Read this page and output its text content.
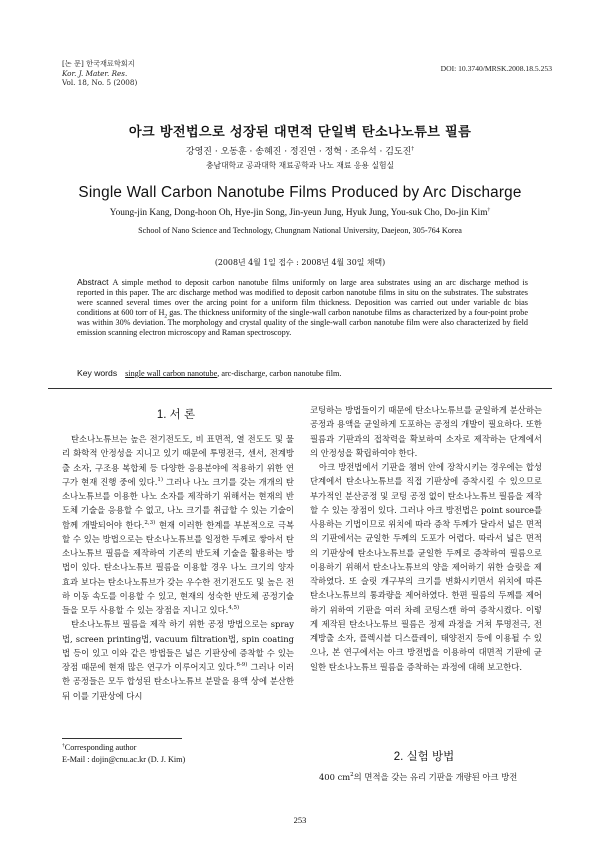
[논 문] 한국재료학회지
Kor. J. Mater. Res.
Vol. 18, No. 5 (2008)
DOI: 10.3740/MRSK.2008.18.5.253
아크 방전법으로 성장된 대면적 단일벽 탄소나노튜브 필름
강영진 · 오동훈 · 송혜진 · 정진연 · 정혁 · 조유석 · 김도진†
충남대학교 공과대학 재료공학과 나노 재료 응용 실험실
Single Wall Carbon Nanotube Films Produced by Arc Discharge
Young-jin Kang, Dong-hoon Oh, Hye-jin Song, Jin-yeun Jung, Hyuk Jung, You-suk Cho, Do-jin Kim†
School of Nano Science and Technology, Chungnam National University, Daejeon, 305-764 Korea
(2008년 4월 1일 접수 : 2008년 4월 30일 채택)
Abstract A simple method to deposit carbon nanotube films uniformly on large area substrates using an arc discharge method is reported in this paper. The arc discharge method was modified to deposit carbon nanotube films in situ on the substrates. The substrates were scanned several times over the arcing point for a uniform film thickness. Deposition was carried out under variable dc bias conditions at 600 torr of $H_2$ gas. The thickness uniformity of the single-wall carbon nanotube films as characterized by a four-point probe was within 30% deviation. The morphology and crystal quality of the single-wall carbon nanotube film were also characterized by field emission scanning electron microscopy and Raman spectroscopy.
Key words single wall carbon nanotube, arc-discharge, carbon nanotube film.
1. 서 론

탄소나노튜브는 높은 전기전도도, 비 표면적, 열 전도도 및 물리 화학적 안정성을 지니고 있기 때문에 투명전극, 센서, 전계방출 소자, 구조용 복합체 등 다양한 응용분야에 적용하기 위한 연구가 현재 진행 중에 있다.$^{1)}$ 그러나 나노 크기를 갖는 개개의 탄소나노튜브를 이용한 나노 소자를 제작하기 위해서는 현재의 반도체 기술을 응용할 수 없고, 나노 크기를 취급할 수 있는 기술이 함께 개발되어야 한다.$^{2,3)}$ 현재 이러한 한계를 부분적으로 극복할 수 있는 방법으로는 탄소나노튜브를 일정한 두께로 쌓아서 탄소나노튜브 필름을 제작하여 기존의 반도체 기술을 활용하는 방법이 있다. 탄소나노튜브 필름을 이용할 경우 나노 크기의 양자효과 보다는 탄소나노튜브가 갖는 우수한 전기전도도 및 높은 전하 이동 속도를 이용할 수 있고, 현재의 성숙한 반도체 공정기술들을 모두 사용할 수 있는 장점을 지니고 있다.$^{4,5)}$

탄소나노튜브 필름을 제작 하기 위한 공정 방법으로는 spray법, screen printing법, vacuum filtration법, spin coating법 등이 있고 이와 같은 방법들은 넓은 기판상에 증착할 수 있는 장점 때문에 현재 많은 연구가 이루어지고 있다.$^{6-9)}$ 그러나 이러한 공정들은 모두 합성된 탄소나노튜브 분말을 용액 상에 분산한 뒤 이를 기판상에 다시

†Corresponding author
E-Mail : dojin@cnu.ac.kr (D. J. Kim)

코팅하는 방법들이기 때문에 탄소나노튜브를 균일하게 분산하는 공정과 용액을 균일하게 도포하는 공정의 개발이 필요하다. 또한 필름과 기판과의 접착력을 확보하여 소자로 제작하는 단계에서의 안정성을 확립하여야 한다.

아크 방전법에서 기판을 챔버 안에 장착시키는 경우에는 합성 단계에서 탄소나노튜브를 직접 기판상에 증착시킬 수 있으므로 부가적인 분산공정 및 코팅 공정 없이 탄소나노튜브 필름을 제작할 수 있는 장점이 있다. 그러나 아크 방전법은 point source를 사용하는 기법이므로 위치에 따라 증착 두께가 달라서 넓은 면적의 기판에서는 균일한 두께의 도포가 어렵다. 따라서 넓은 면적의 기판상에 탄소나노튜브를 균일한 두께로 증착하여 필름으로 이용하기 위해서 탄소나노튜브의 양을 제어하기 위한 슬릿을 제작하였다. 또 슬릿 개구부의 크기를 변화시키면서 위치에 따른 탄소나노튜브의 통과량을 제어하였다. 한편 필름의 두께를 제어하기 위하여 기판을 여러 차례 코팅스캔 하여 증착시켰다. 이렇게 제작된 탄소나노튜브 필름은 정제 과정을 거쳐 투명전극, 전계방출 소자, 플렉시블 디스플레이, 태양전지 등에 이용될 수 있으나, 본 연구에서는 아크 방전법을 이용하여 대면적 기판에 균일한 탄소나노튜브 필름을 증착하는 과정에 대해 보고한다.

2. 실험 방법

400 $cm^2$의 면적을 갖는 유리 기판을 개량된 아크 방전

253
